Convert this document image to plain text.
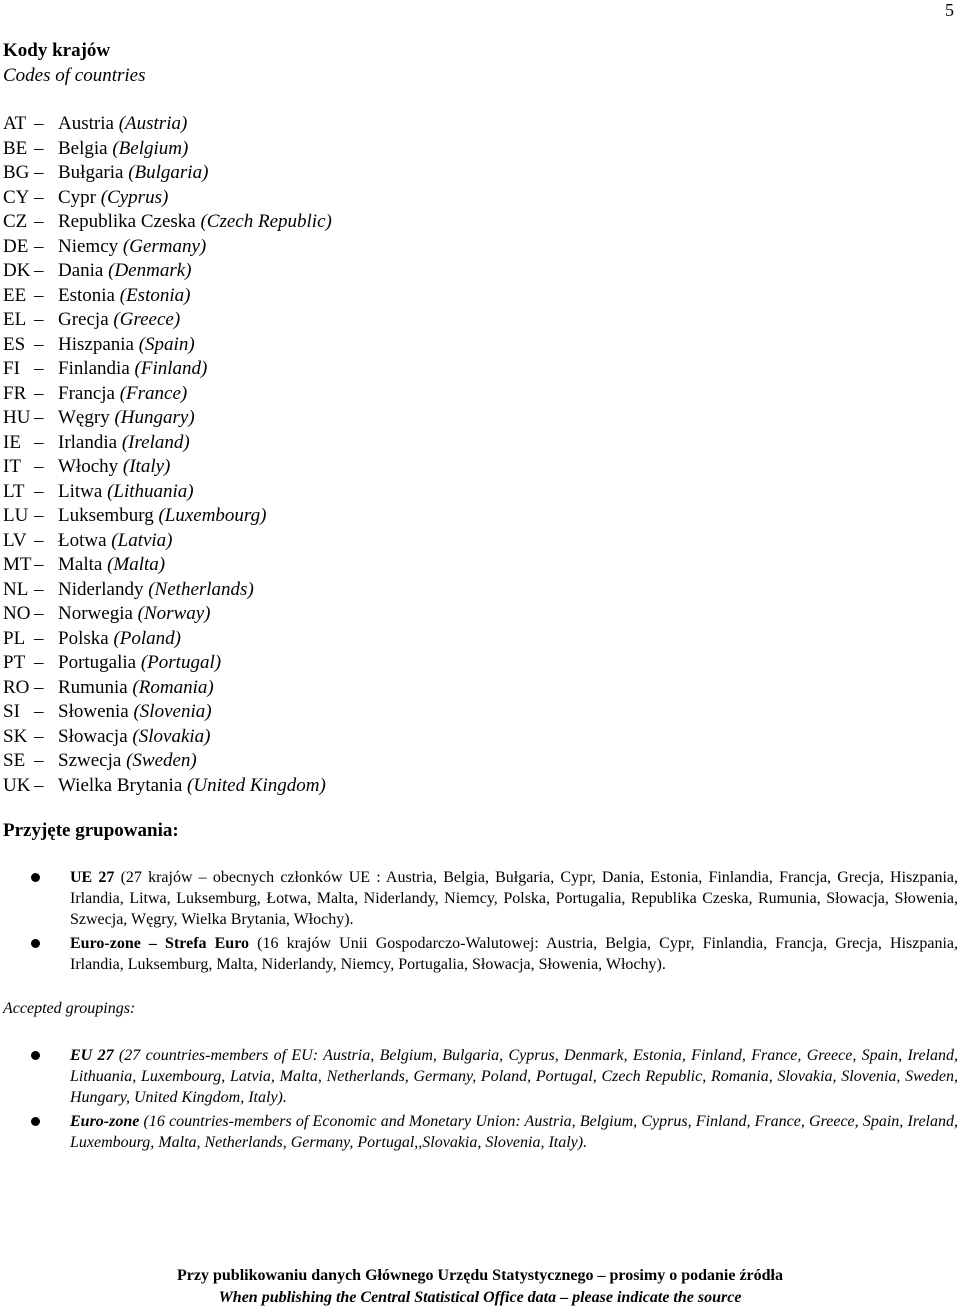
5
Kody krajów
Codes of countries
AT – Austria (Austria)
BE – Belgia (Belgium)
BG – Bułgaria (Bulgaria)
CY – Cypr (Cyprus)
CZ – Republika Czeska (Czech Republic)
DE – Niemcy (Germany)
DK – Dania (Denmark)
EE – Estonia (Estonia)
EL – Grecja (Greece)
ES – Hiszpania (Spain)
FI – Finlandia (Finland)
FR – Francja (France)
HU – Węgry (Hungary)
IE – Irlandia (Ireland)
IT – Włochy (Italy)
LT – Litwa (Lithuania)
LU – Luksemburg (Luxembourg)
LV – Łotwa (Latvia)
MT – Malta (Malta)
NL – Niderlandy (Netherlands)
NO – Norwegia (Norway)
PL – Polska (Poland)
PT – Portugalia (Portugal)
RO – Rumunia (Romania)
SI – Słowenia (Slovenia)
SK – Słowacja (Slovakia)
SE – Szwecja (Sweden)
UK – Wielka Brytania (United Kingdom)
Przyjęte grupowania:
UE 27 (27 krajów – obecnych członków UE : Austria, Belgia, Bułgaria, Cypr, Dania, Estonia, Finlandia, Francja, Grecja, Hiszpania, Irlandia, Litwa, Luksemburg, Łotwa, Malta, Niderlandy, Niemcy, Polska, Portugalia, Republika Czeska, Rumunia, Słowacja, Słowenia, Szwecja, Węgry, Wielka Brytania, Włochy).
Euro-zone – Strefa Euro (16 krajów Unii Gospodarczo-Walutowej: Austria, Belgia, Cypr, Finlandia, Francja, Grecja, Hiszpania, Irlandia, Luksemburg, Malta, Niderlandy, Niemcy, Portugalia, Słowacja, Słowenia, Włochy).
Accepted groupings:
EU 27 (27 countries-members of EU: Austria, Belgium, Bulgaria, Cyprus, Denmark, Estonia, Finland, France, Greece, Spain, Ireland, Lithuania, Luxembourg, Latvia, Malta, Netherlands, Germany, Poland, Portugal, Czech Republic, Romania, Slovakia, Slovenia, Sweden, Hungary, United Kingdom, Italy).
Euro-zone (16 countries-members of Economic and Monetary Union: Austria, Belgium, Cyprus, Finland, France, Greece, Spain, Ireland, Luxembourg, Malta, Netherlands, Germany, Portugal,,Slovakia, Slovenia, Italy).
Przy publikowaniu danych Głównego Urzędu Statystycznego – prosimy o podanie źródła
When publishing the Central Statistical Office data – please indicate the source
